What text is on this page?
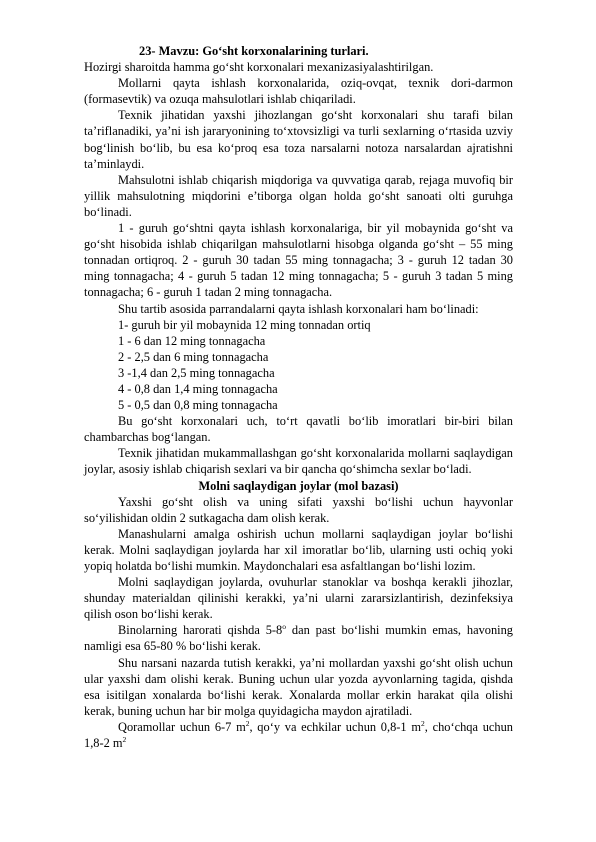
23- Mavzu: Go‘sht korxonalarining turlari.

Hozirgi sharoitda hamma go‘sht korxonalari mexanizasiyalashtirilgan.

Mollarni qayta ishlash korxonalarida, oziq-ovqat, texnik dori-darmon (formasevtik) va ozuqa mahsulotlari ishlab chiqariladi.

Texnik jihatidan yaxshi jihozlangan go‘sht korxonalari shu tarafi bilan ta’riflanadiki, ya’ni ish jararyonining to‘xtovsizligi va turli sexlarning o‘rtasida uzviy bog‘linish bo‘lib, bu esa ko‘proq esa toza narsalarni notoza narsalardan ajratishni ta’minlaydi.

Mahsulotni ishlab chiqarish miqdoriga va quvvatiga qarab, rejaga muvofiq bir yillik mahsulotning miqdorini e’tiborga olgan holda go‘sht sanoati olti guruhga bo‘linadi.

1 - guruh go‘shtni qayta ishlash korxonalariga, bir yil mobaynida go‘sht va go‘sht hisobida ishlab chiqarilgan mahsulotlarni hisobga olganda go‘sht – 55 ming tonnadan ortiqroq. 2 - guruh 30 tadan 55 ming tonnagacha; 3 - guruh 12 tadan 30 ming tonnagacha; 4 - guruh 5 tadan 12 ming tonnagacha; 5 - guruh 3 tadan 5 ming tonnagacha; 6 - guruh 1 tadan 2 ming tonnagacha.

Shu tartib asosida parrandalarni qayta ishlash korxonalari ham bo‘linadi:

1- guruh bir yil mobaynida 12 ming tonnadan ortiq

1 - 6 dan 12 ming tonnagacha

2 - 2,5 dan 6 ming tonnagacha

3 -1,4 dan 2,5 ming tonnagacha

4 - 0,8 dan 1,4 ming tonnagacha

5 - 0,5 dan 0,8 ming tonnagacha

Bu go‘sht korxonalari uch, to‘rt qavatli bo‘lib imoratlari bir-biri bilan chambarchas bog‘langan.

Texnik jihatidan mukammallashgan go‘sht korxonalarida mollarni saqlaydigan joylar, asosiy ishlab chiqarish sexlari va bir qancha qo‘shimcha sexlar bo‘ladi.

Molni saqlaydigan joylar (mol bazasi)

Yaxshi go‘sht olish va uning sifati yaxshi bo‘lishi uchun hayvonlar so‘yilishidan oldin 2 sutkagacha dam olish kerak.

Manashularni amalga oshirish uchun mollarni saqlaydigan joylar bo‘lishi kerak. Molni saqlaydigan joylarda har xil imoratlar bo‘lib, ularning usti ochiq yoki yopiq holatda bo‘lishi mumkin. Maydonchalari esa asfaltlangan bo‘lishi lozim.

Molni saqlaydigan joylarda, ovuhurlar stanoklar va boshqa kerakli jihozlar, shunday materialdan qilinishi kerakki, ya’ni ularni zararsizlantirish, dezinfeksiya qilish oson bo‘lishi kerak.

Binolarning harorati qishda 5-8$^o$ dan past bo‘lishi mumkin emas, havoning namligi esa 65-80 % bo‘lishi kerak.

Shu narsani nazarda tutish kerakki, ya’ni mollardan yaxshi go‘sht olish uchun ular yaxshi dam olishi kerak. Buning uchun ular yozda ayvonlarning tagida, qishda esa isitilgan xonalarda bo‘lishi kerak. Xonalarda mollar erkin harakat qila olishi kerak, buning uchun har bir molga quyidagicha maydon ajratiladi.

Qoramollar uchun 6-7 $m^2$, qo‘y va echkilar uchun 0,8-1 $m^2$, cho‘chqa uchun 1,8-2 $m^2$
